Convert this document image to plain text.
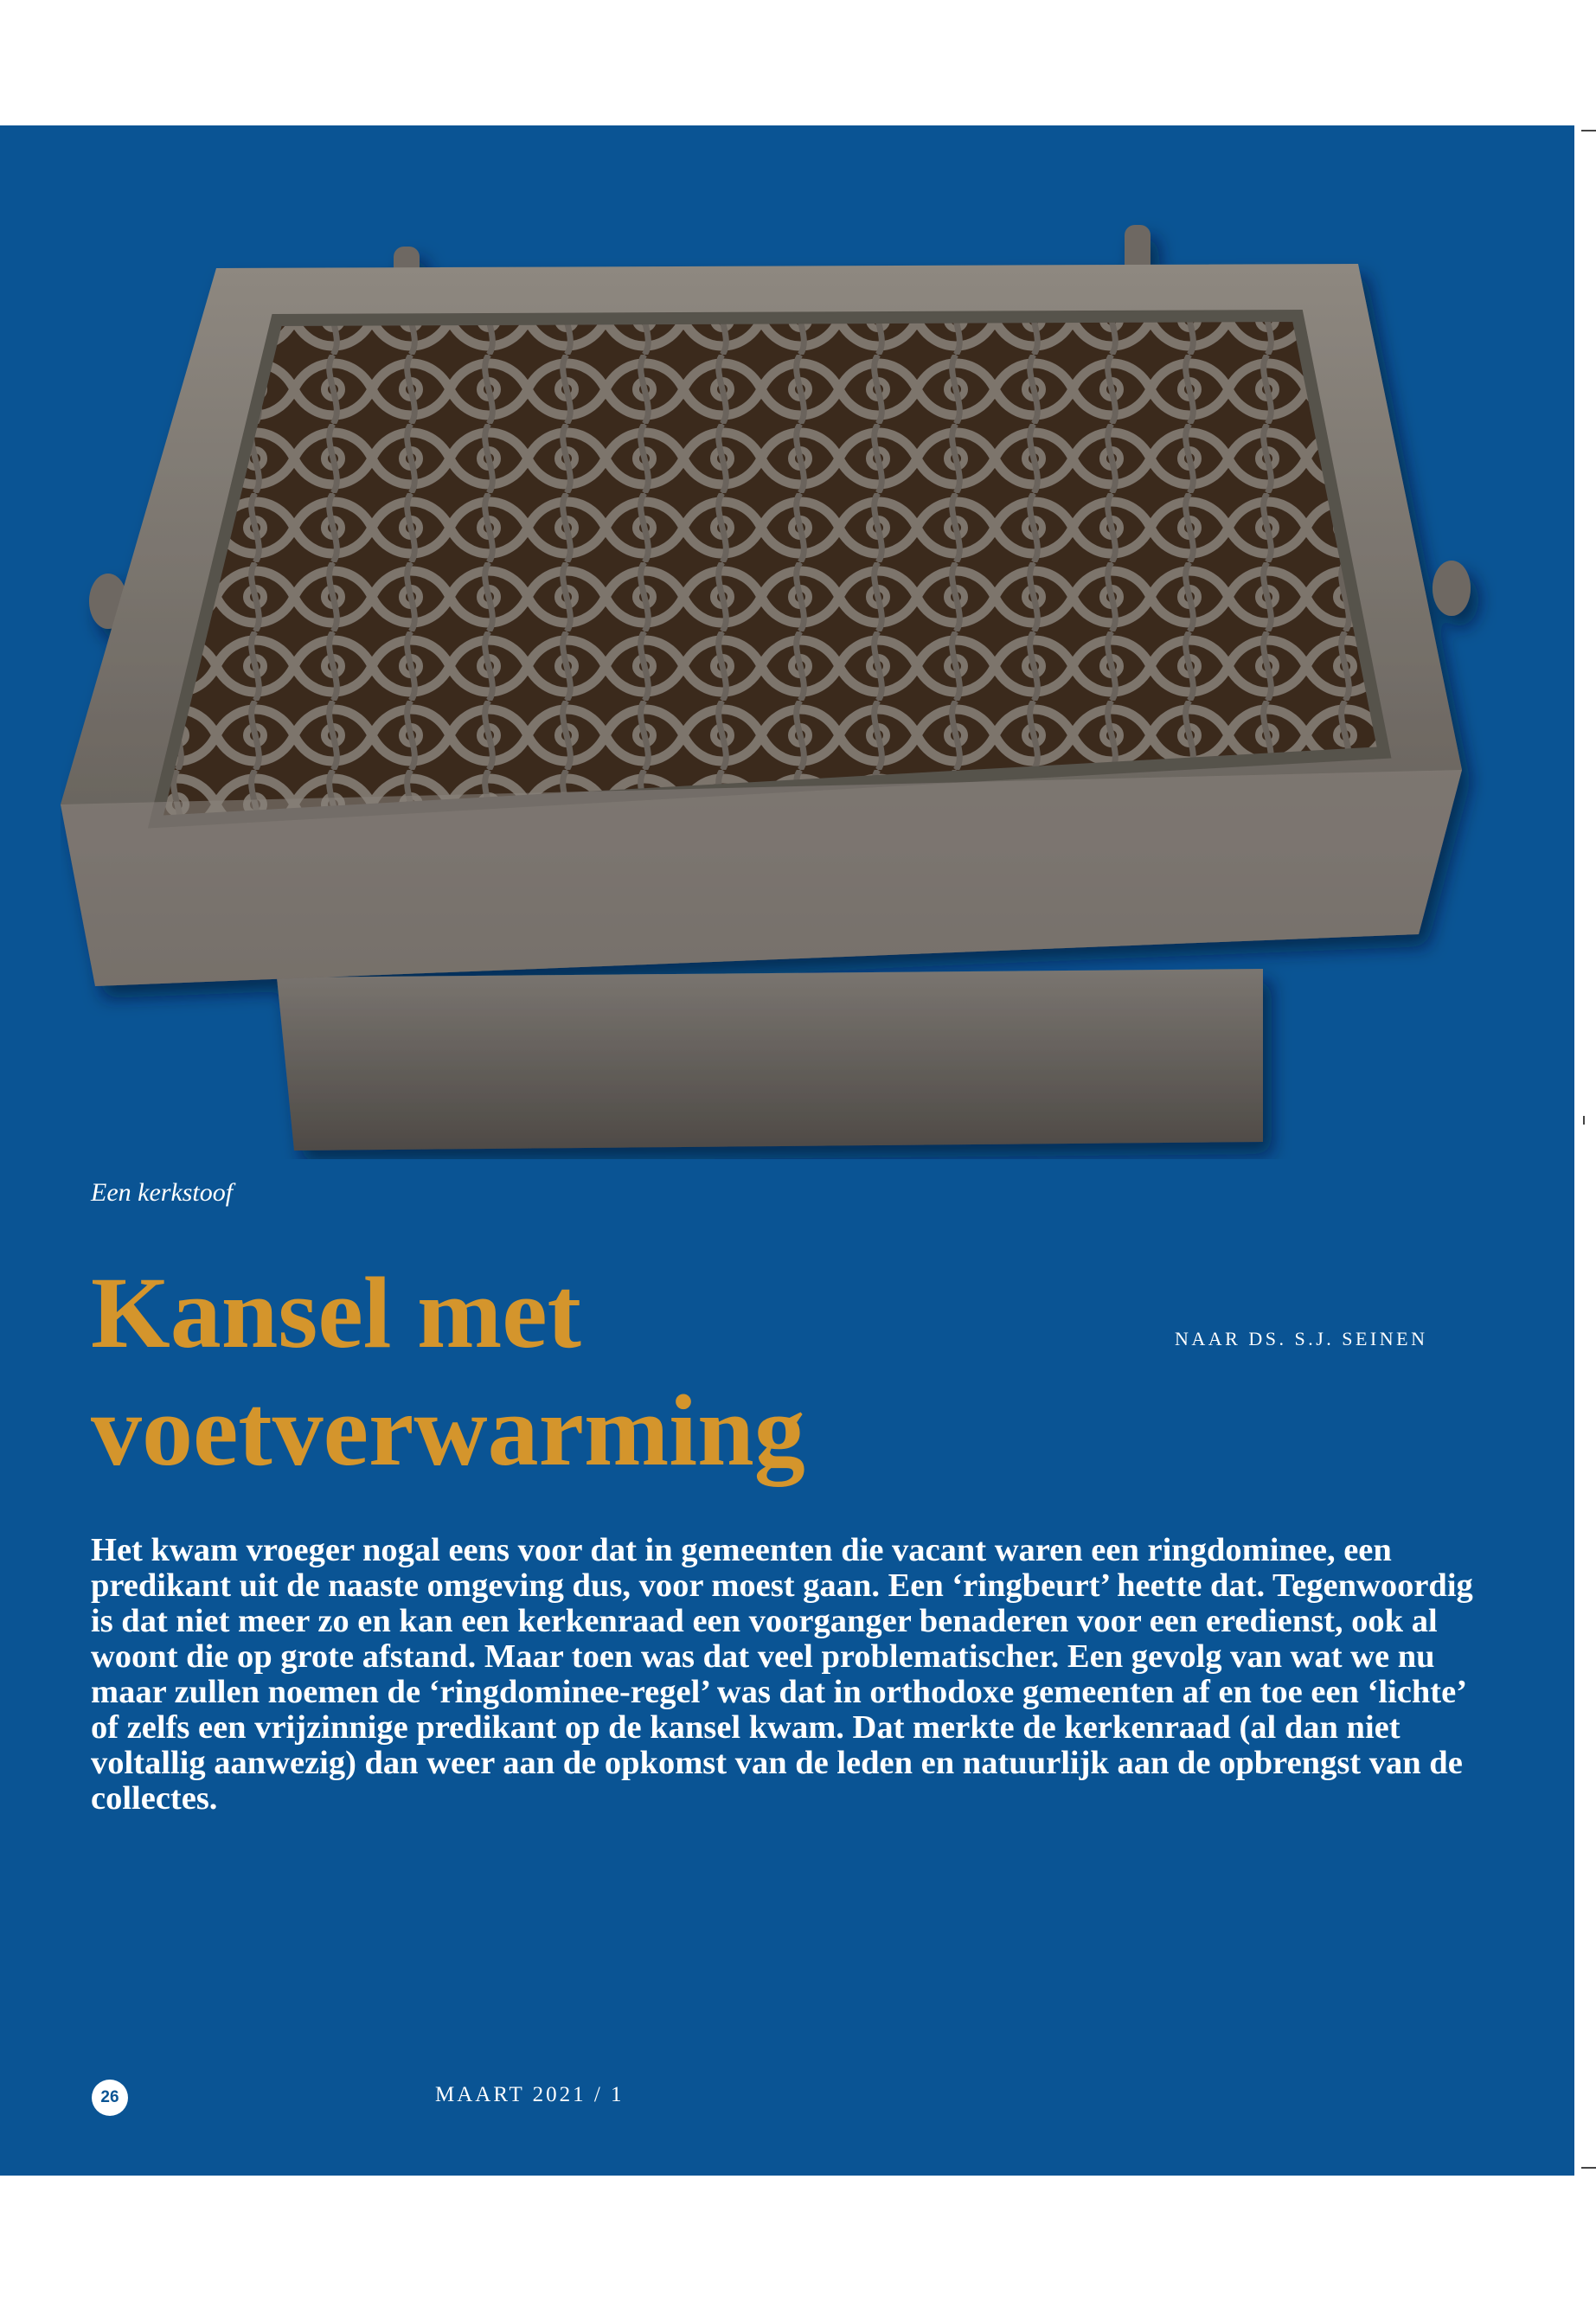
Een kerkstoof
Kansel met
voetverwarming
NAAR DS. S.J. SEINEN

Het kwam vroeger nogal eens voor dat in gemeenten die vacant waren een ringdominee, een predikant uit de naaste omgeving dus, voor moest gaan. Een ‘ringbeurt’ heette dat. Tegenwoordig is dat niet meer zo en kan een kerkenraad een voorganger benaderen voor een eredienst, ook al woont die op grote afstand. Maar toen was dat veel problematischer. Een gevolg van wat we nu maar zullen noemen de ‘ringdominee-regel’ was dat in orthodoxe gemeenten af en toe een ‘lichte’ of zelfs een vrijzinnige predikant op de kansel kwam. Dat merkte de kerkenraad (al dan niet voltallig aanwezig) dan weer aan de opkomst van de leden en natuurlijk aan de opbrengst van de collectes.

26	MAART 2021 / 1
